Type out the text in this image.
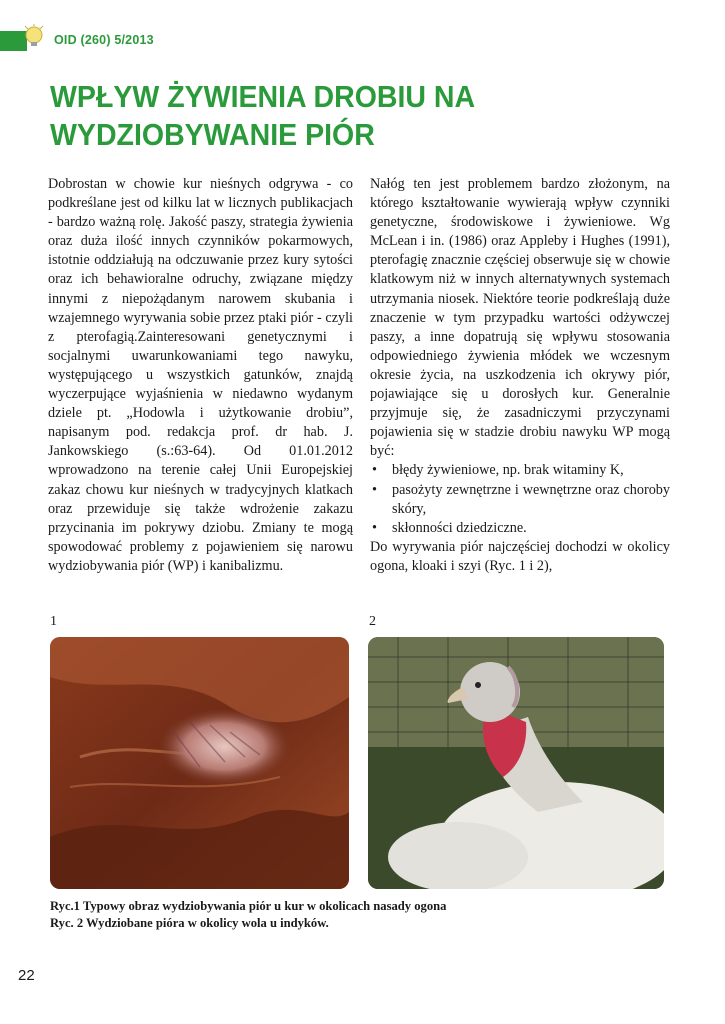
OID (260) 5/2013
WPŁYW ŻYWIENIA DROBIU NA
WYDZIOBYWANIE PIÓR

Dobrostan w chowie kur nieśnych odgrywa - co podkreślane jest od kilku lat w licznych publikacjach - bardzo ważną rolę. Jakość paszy, strategia żywienia oraz duża ilość innych czynników pokarmowych, istotnie oddziałują na odczuwanie przez kury sytości oraz ich behawioralne odruchy, związane między innymi z niepożądanym narowem skubania i wzajemnego wyrywania sobie przez ptaki piór - czyli z pterofagią.Zainteresowani genetycznymi i socjalnymi uwarunkowaniami tego nawyku, występującego u wszystkich gatunków, znajdą wyczerpujące wyjaśnienia w niedawno wydanym dziele pt. „Hodowla i użytkowanie drobiu”, napisanym pod. redakcja prof. dr hab. J. Jankowskiego (s.:63-64). Od 01.01.2012 wprowadzono na terenie całej Unii Europejskiej zakaz chowu kur nieśnych w tradycyjnych klatkach oraz przewiduje się także wdrożenie zakazu przycinania im pokrywy dziobu. Zmiany te mogą spowodować problemy z pojawieniem się narowu wydziobywania piór (WP) i kanibalizmu.

Nałóg ten jest problemem bardzo złożonym, na którego kształtowanie wywierają wpływ czynniki genetyczne, środowiskowe i żywieniowe. Wg McLean i in. (1986) oraz Appleby i Hughes (1991), pterofagię znacznie częściej obserwuje się w chowie klatkowym niż w innych alternatywnych systemach utrzymania niosek. Niektóre teorie podkreślają duże znaczenie w tym przypadku wartości odżywczej paszy, a inne dopatrują się wpływu stosowania odpowiedniego żywienia młódek we wczesnym okresie życia, na uszkodzenia ich okrywy piór, pojawiające się u dorosłych kur. Generalnie przyjmuje się, że zasadniczymi przyczynami pojawienia się w stadzie drobiu nawyku WP mogą być:

• błędy żywieniowe, np. brak witaminy K,
• pasożyty zewnętrzne i wewnętrzne oraz choroby skóry,
• skłonności dziedziczne.

Do wyrywania piór najczęściej dochodzi w okolicy ogona, kloaki i szyi (Ryc. 1 i 2),

1	2
Ryc.1 Typowy obraz wydziobywania piór u kur w okolicach nasady ogona
Ryc. 2 Wydziobane pióra w okolicy wola u indyków.
22
